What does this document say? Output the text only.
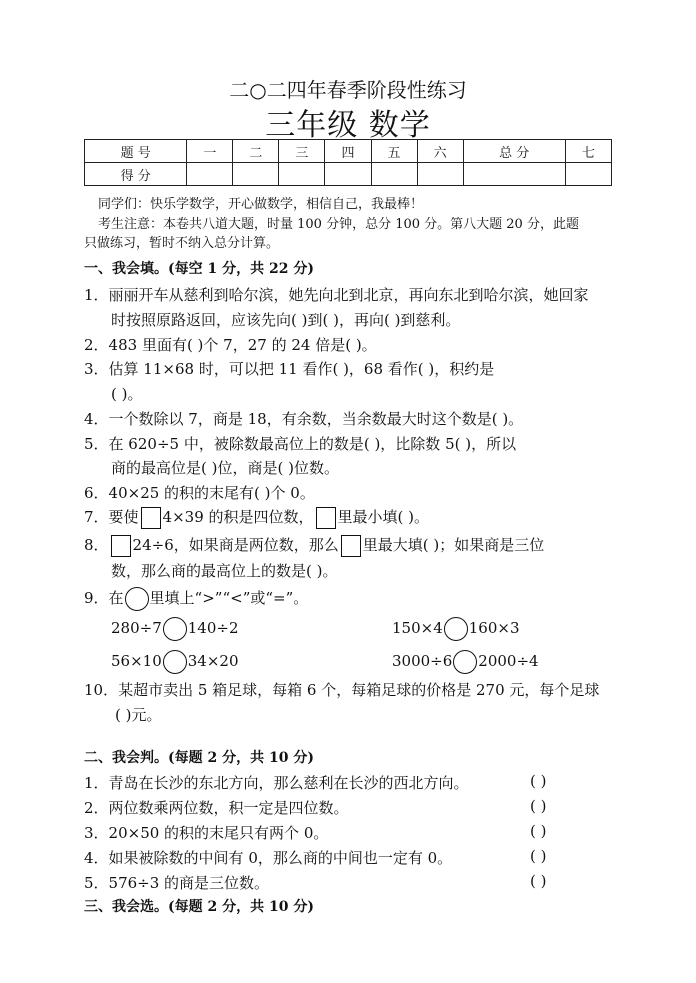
二○二四年春季阶段性练习
三年级 数学
题 号	一	二	三	四	五	六	总 分	七
得 分								
同学们：快乐学数学，开心做数学，相信自己，我最棒！
考生注意：本卷共八道大题，时量 100 分钟，总分 100 分。第八大题 20 分，此题
只做练习，暂时不纳入总分计算。
一、我会填。(每空 1 分，共 22 分)
1．丽丽开车从慈利到哈尔滨，她先向北到北京，再向东北到哈尔滨，她回家
时按照原路返回，应该先向( )到( )，再向( )到慈利。
2．483 里面有( )个 7，27 的 24 倍是( )。
3．估算 11×68 时，可以把 11 看作( )，68 看作( )，积约是
( )。
4．一个数除以 7，商是 18，有余数，当余数最大时这个数是( )。
5．在 620÷5 中，被除数最高位上的数是( )，比除数 5( )，所以
商的最高位是( )位，商是( )位数。
6．40×25 的积的末尾有( )个 0。
7．要使 4×39 的积是四位数， 里最小填( )。
8． 24÷6，如果商是两位数，那么 里最大填( )；如果商是三位
数，那么商的最高位上的数是( )。
9．在 里填上“>”“<”或“=”。
280÷7 140÷2	150×4 160×3
56×10 34×20	3000÷6 2000÷4
10．某超市卖出 5 箱足球，每箱 6 个，每箱足球的价格是 270 元，每个足球
( )元。
二、我会判。(每题 2 分，共 10 分)
1．青岛在长沙的东北方向，那么慈利在长沙的西北方向。	( )
2．两位数乘两位数，积一定是四位数。	( )
3．20×50 的积的末尾只有两个 0。	( )
4．如果被除数的中间有 0，那么商的中间也一定有 0。	( )
5．576÷3 的商是三位数。	( )
三、我会选。(每题 2 分，共 10 分)
